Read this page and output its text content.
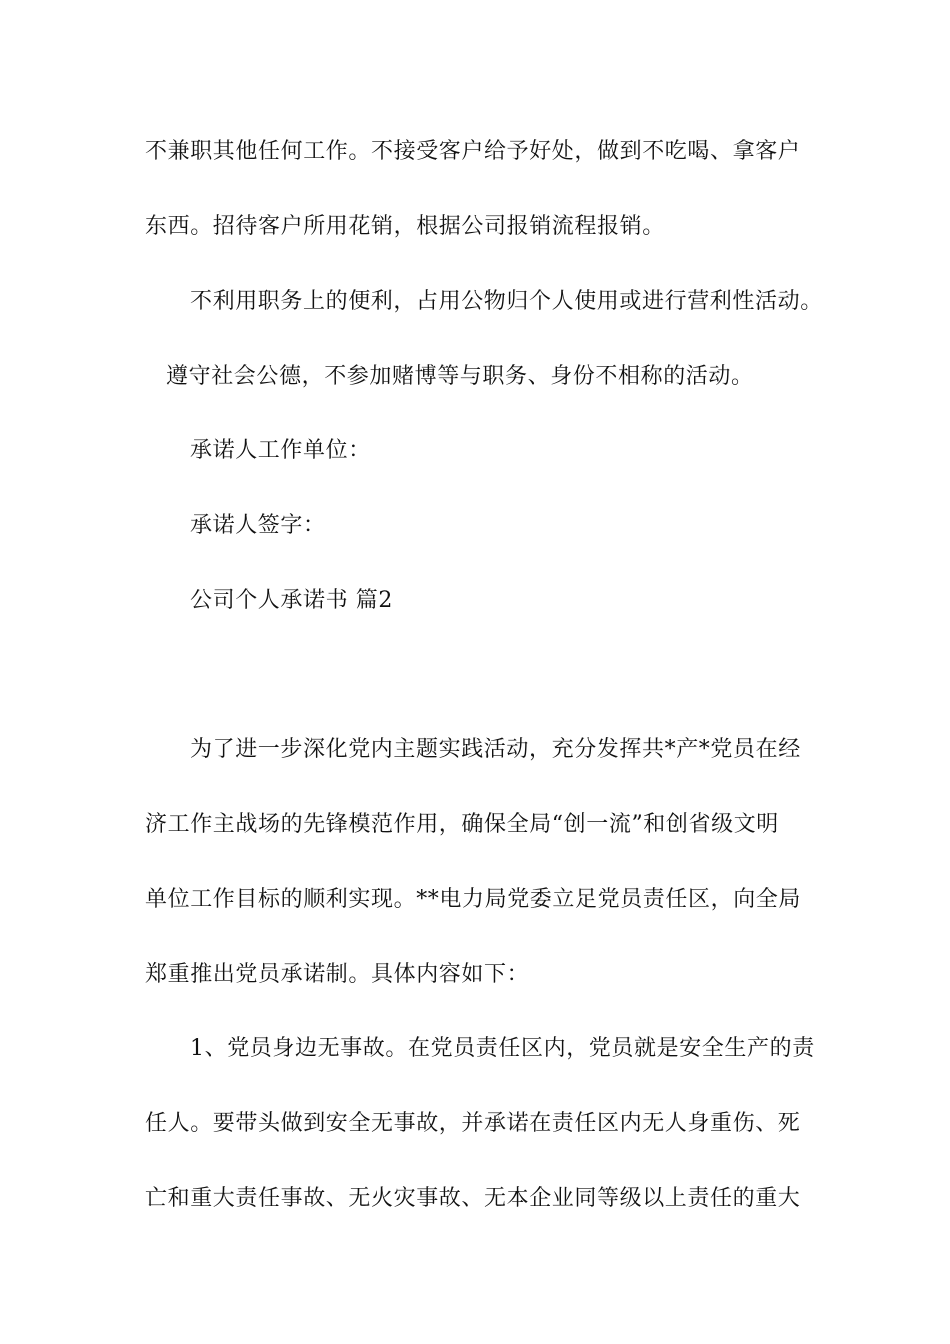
不兼职其他任何工作。不接受客户给予好处，做到不吃喝、拿客户
东西。招待客户所用花销，根据公司报销流程报销。
不利用职务上的便利，占用公物归个人使用或进行营利性活动。
遵守社会公德，不参加赌博等与职务、身份不相称的活动。
承诺人工作单位：
承诺人签字：
公司个人承诺书 篇2
为了进一步深化党内主题实践活动，充分发挥共*产*党员在经
济工作主战场的先锋模范作用，确保全局“创一流”和创省级文明
单位工作目标的顺利实现。**电力局党委立足党员责任区，向全局
郑重推出党员承诺制。具体内容如下：
1、党员身边无事故。在党员责任区内，党员就是安全生产的责
任人。要带头做到安全无事故，并承诺在责任区内无人身重伤、死
亡和重大责任事故、无火灾事故、无本企业同等级以上责任的重大
